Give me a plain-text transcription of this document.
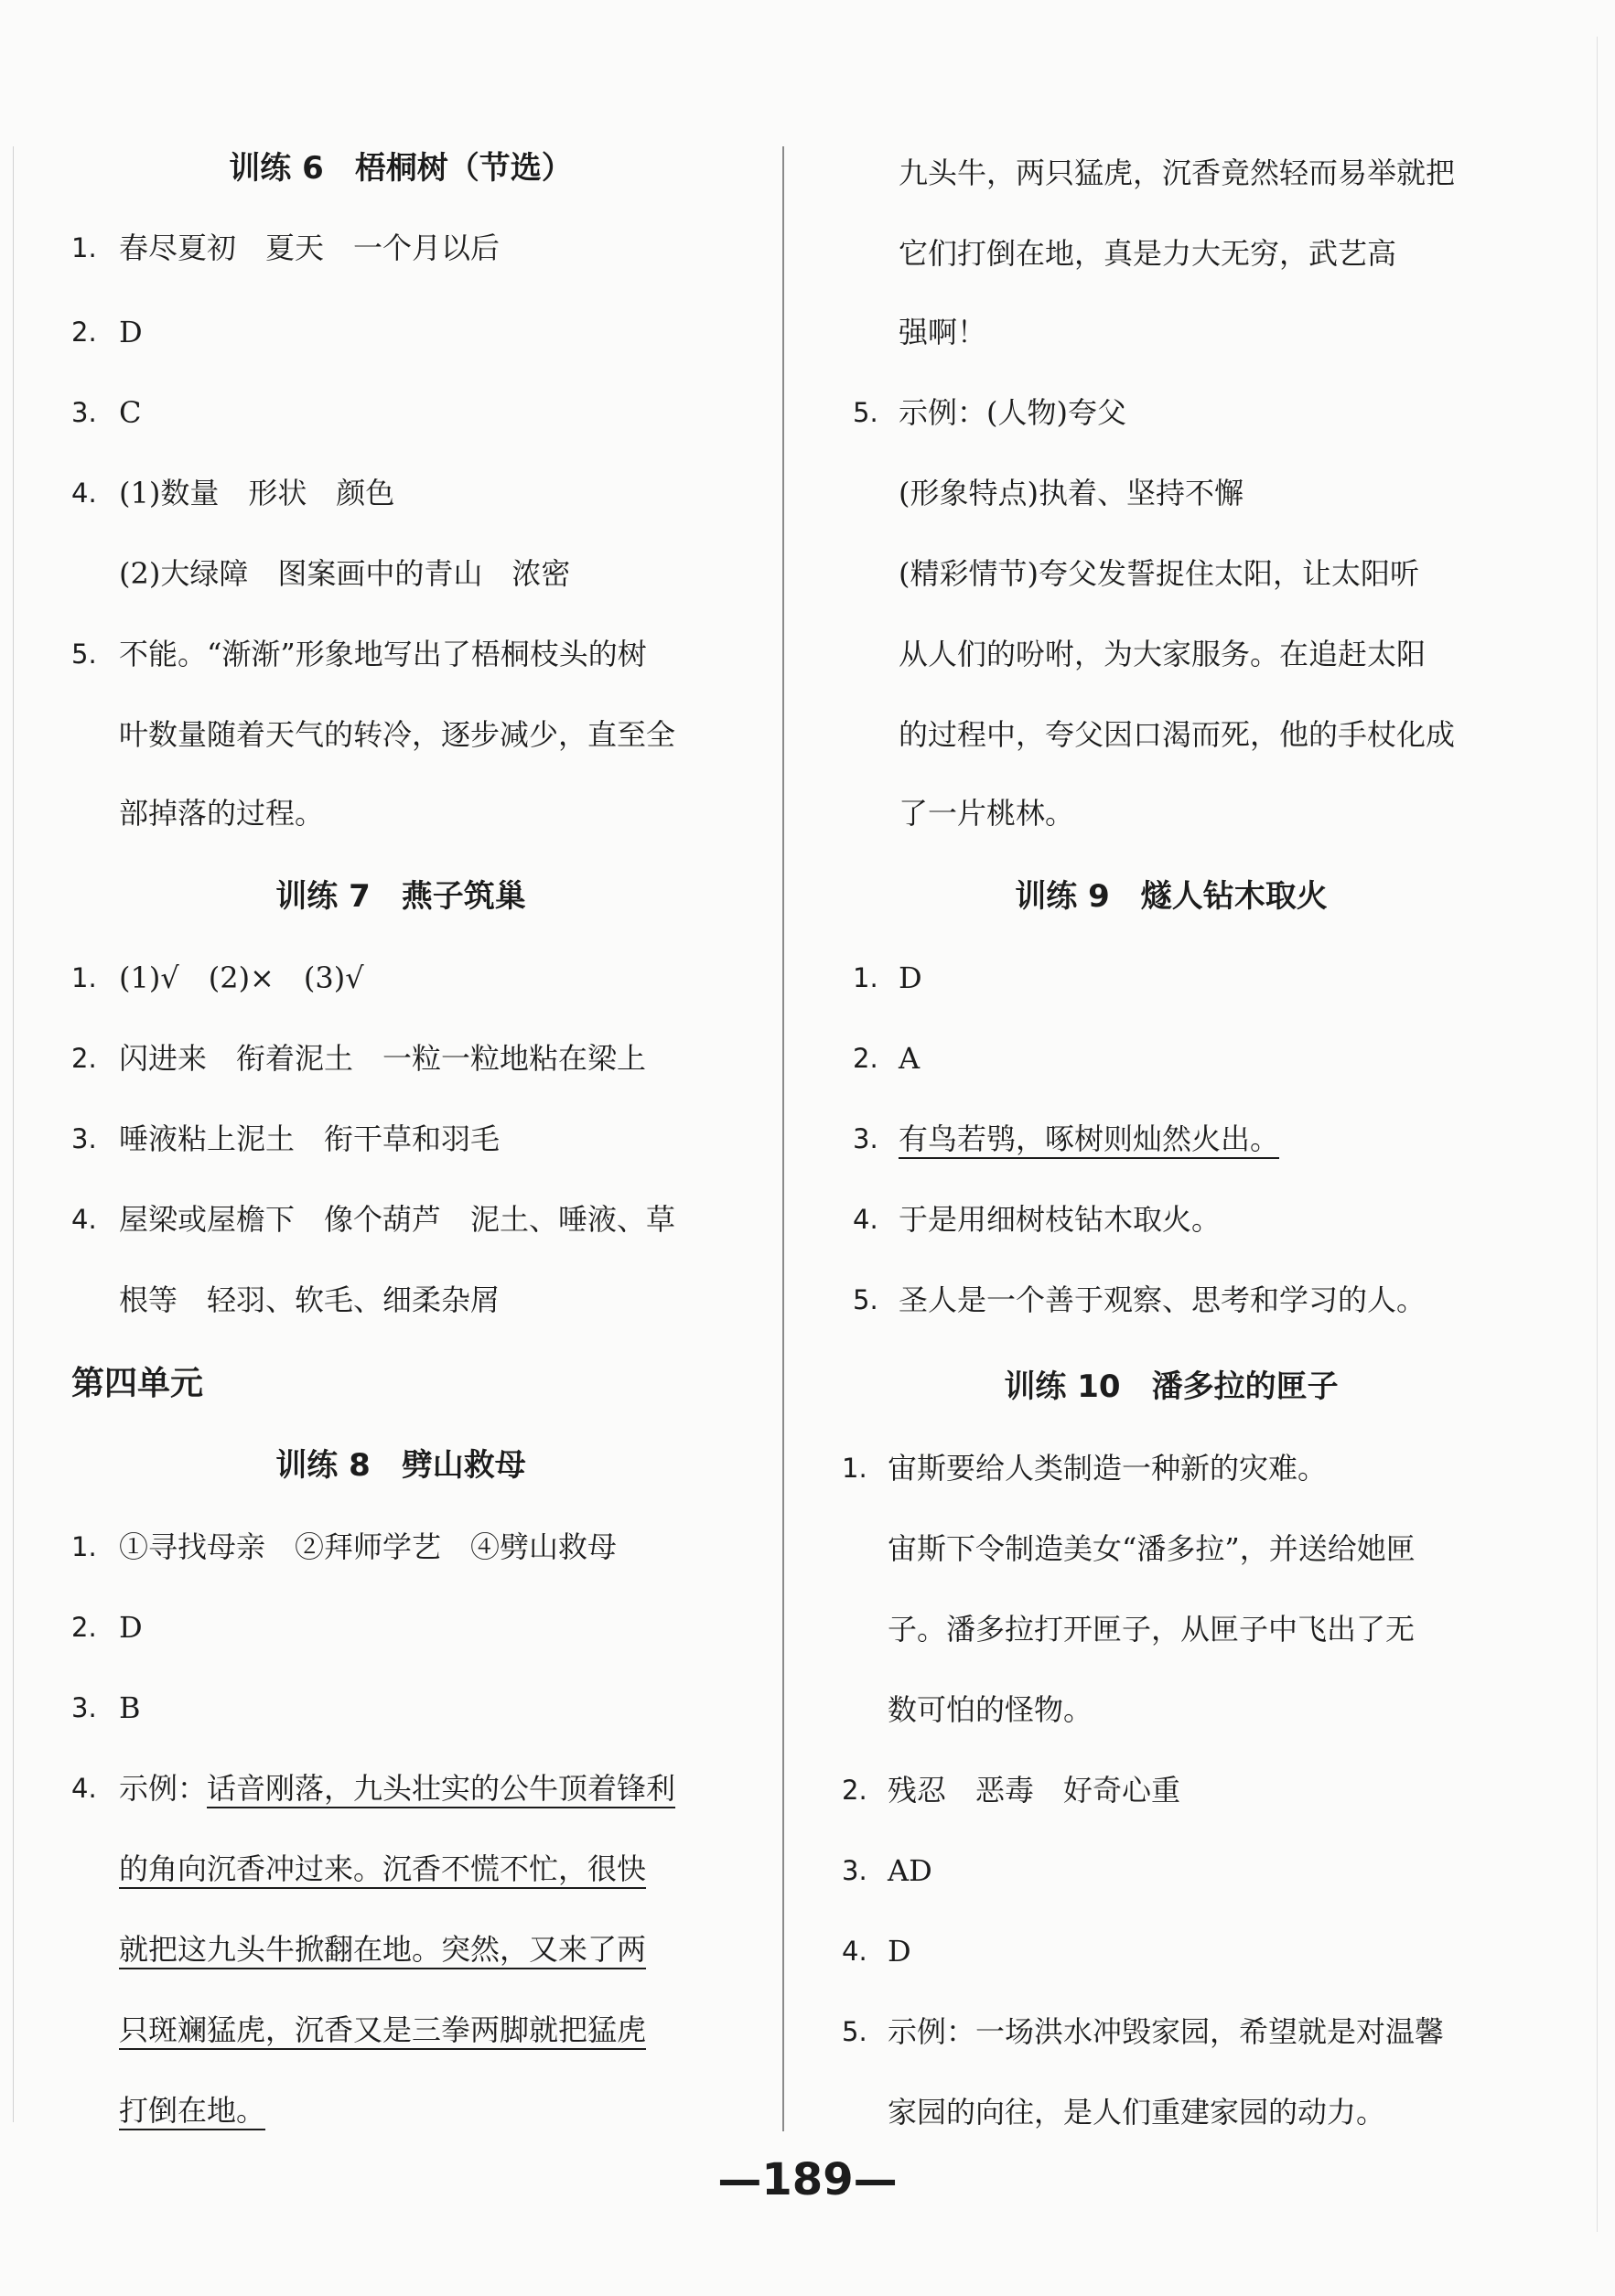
训练 6　梧桐树（节选）
1. 春尽夏初　夏天　一个月以后
2. D
3. C
4. (1)数量　形状　颜色
(2)大绿障　图案画中的青山　浓密
5. 不能。“渐渐”形象地写出了梧桐枝头的树
叶数量随着天气的转冷，逐步减少，直至全
部掉落的过程。
训练 7　燕子筑巢
1. (1)√　(2)×　(3)√
2. 闪进来　衔着泥土　一粒一粒地粘在梁上
3. 唾液粘上泥土　衔干草和羽毛
4. 屋梁或屋檐下　像个葫芦　泥土、唾液、草
根等　轻羽、软毛、细柔杂屑
第四单元
训练 8　劈山救母
1. ①寻找母亲　②拜师学艺　④劈山救母
2. D
3. B
4. 示例：话音刚落，九头壮实的公牛顶着锋利
的角向沉香冲过来。沉香不慌不忙，很快
就把这九头牛掀翻在地。突然，又来了两
只斑斓猛虎，沉香又是三拳两脚就把猛虎
打倒在地。
九头牛，两只猛虎，沉香竟然轻而易举就把
它们打倒在地，真是力大无穷，武艺高
强啊！
5. 示例：(人物)夸父
(形象特点)执着、坚持不懈
(精彩情节)夸父发誓捉住太阳，让太阳听
从人们的吩咐，为大家服务。在追赶太阳
的过程中，夸父因口渴而死，他的手杖化成
了一片桃林。
训练 9　燧人钻木取火
1. D
2. A
3. 有鸟若鸮，啄树则灿然火出。
4. 于是用细树枝钻木取火。
5. 圣人是一个善于观察、思考和学习的人。
训练 10　潘多拉的匣子
1. 宙斯要给人类制造一种新的灾难。
宙斯下令制造美女“潘多拉”，并送给她匣
子。潘多拉打开匣子，从匣子中飞出了无
数可怕的怪物。
2. 残忍　恶毒　好奇心重
3. AD
4. D
5. 示例：一场洪水冲毁家园，希望就是对温馨
家园的向往，是人们重建家园的动力。
—189—
